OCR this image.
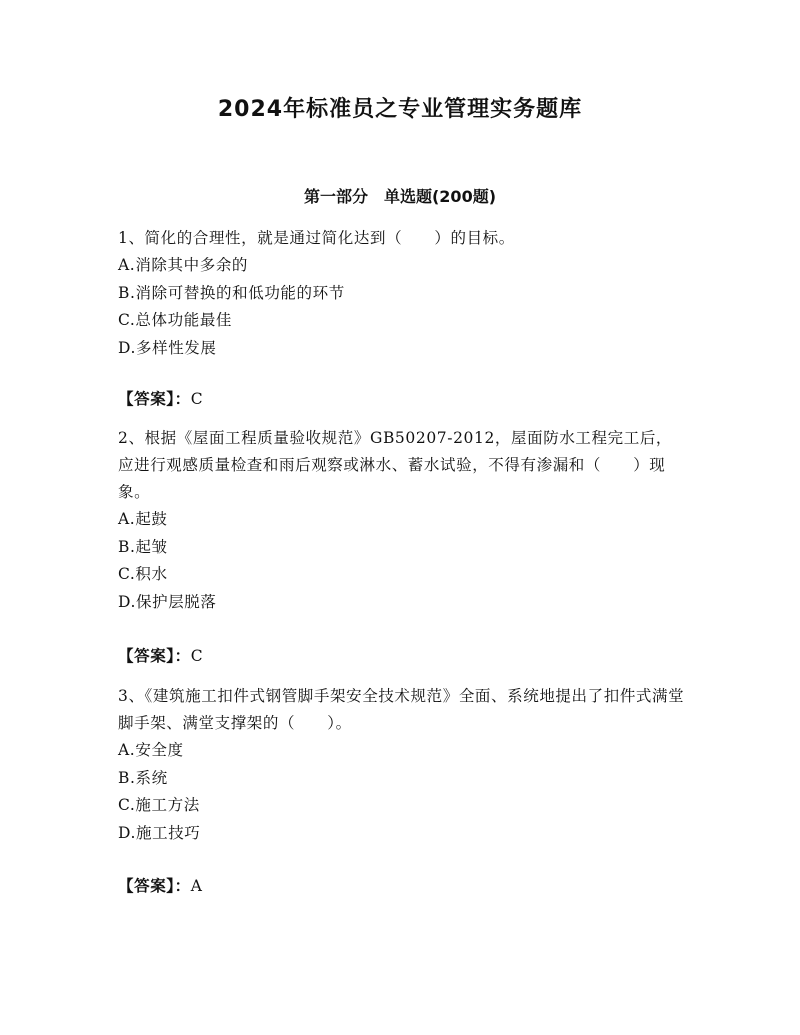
2024年标准员之专业管理实务题库
第一部分　单选题(200题)

1、简化的合理性，就是通过简化达到（　　）的目标。

A.消除其中多余的

B.消除可替换的和低功能的环节

C.总体功能最佳

D.多样性发展

【答案】：C

2、根据《屋面工程质量验收规范》GB50207-2012，屋面防水工程完工后，应进行观感质量检查和雨后观察或淋水、蓄水试验，不得有渗漏和（　　）现象。

A.起鼓

B.起皱

C.积水

D.保护层脱落

【答案】：C

3、《建筑施工扣件式钢管脚手架安全技术规范》全面、系统地提出了扣件式满堂脚手架、满堂支撑架的（　　）。

A.安全度

B.系统

C.施工方法

D.施工技巧

【答案】：A
